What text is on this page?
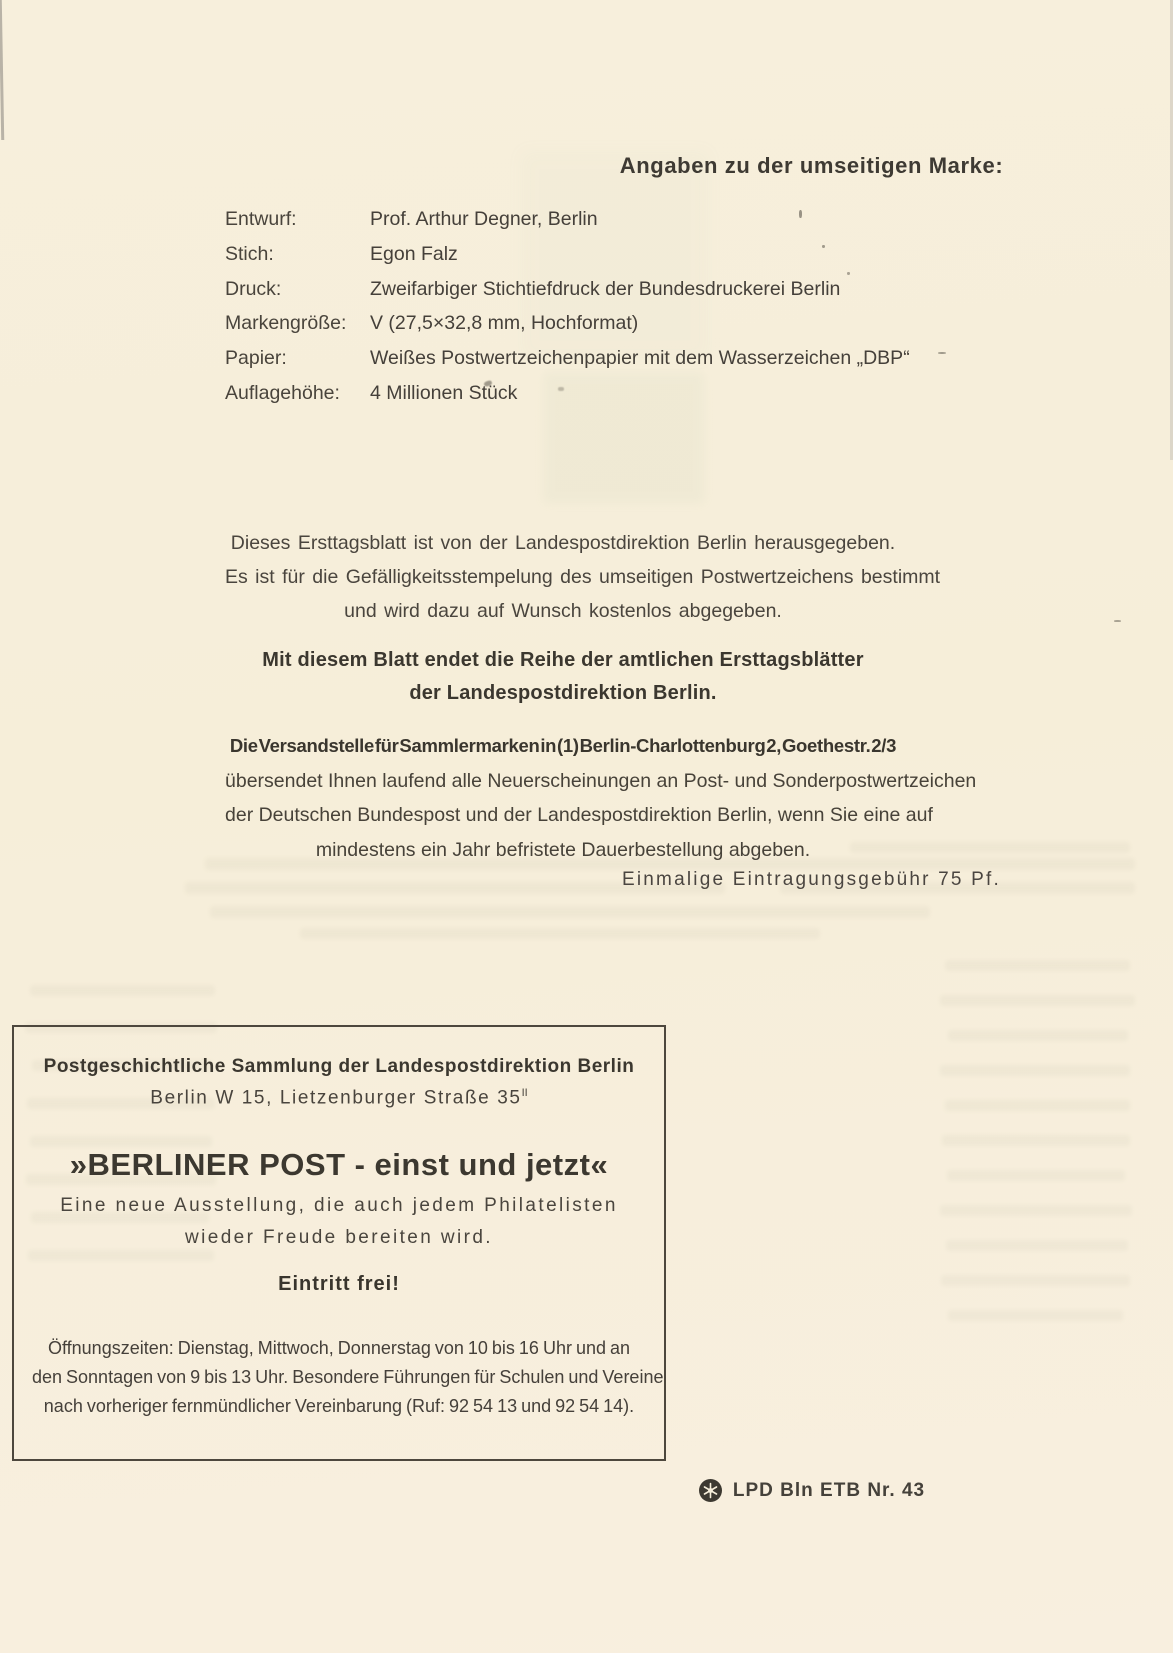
Angaben zu der umseitigen Marke:
Entwurf:	Prof. Arthur Degner, Berlin
Stich:	Egon Falz
Druck:	Zweifarbiger Stichtiefdruck der Bundesdruckerei Berlin
Markengröße: V (27,5×32,8 mm, Hochformat)
Papier:	Weißes Postwertzeichenpapier mit dem Wasserzeichen „DBP“
Auflagehöhe: 4 Millionen Stück
Dieses Ersttagsblatt ist von der Landespostdirektion Berlin herausgegeben.
Es ist für die Gefälligkeitsstempelung des umseitigen Postwertzeichens bestimmt
und wird dazu auf Wunsch kostenlos abgegeben.
Mit diesem Blatt endet die Reihe der amtlichen Ersttagsblätter
der Landespostdirektion Berlin.
Die Versandstelle für Sammlermarken in (1) Berlin-Charlottenburg 2, Goethestr. 2/3
übersendet Ihnen laufend alle Neuerscheinungen an Post- und Sonderpostwertzeichen
der Deutschen Bundespost und der Landespostdirektion Berlin, wenn Sie eine auf
mindestens ein Jahr befristete Dauerbestellung abgeben.
Einmalige Eintragungsgebühr 75 Pf.
Postgeschichtliche Sammlung der Landespostdirektion Berlin
Berlin W 15, Lietzenburger Straße $35^{II}$
»BERLINER POST - einst und jetzt«
Eine neue Ausstellung, die auch jedem Philatelisten
wieder Freude bereiten wird.
Eintritt frei!
Öffnungszeiten: Dienstag, Mittwoch, Donnerstag von 10 bis 16 Uhr und an
den Sonntagen von 9 bis 13 Uhr. Besondere Führungen für Schulen und Vereine
nach vorheriger fernmündlicher Vereinbarung (Ruf: 92 54 13 und 92 54 14).
LPD Bln ETB Nr. 43
